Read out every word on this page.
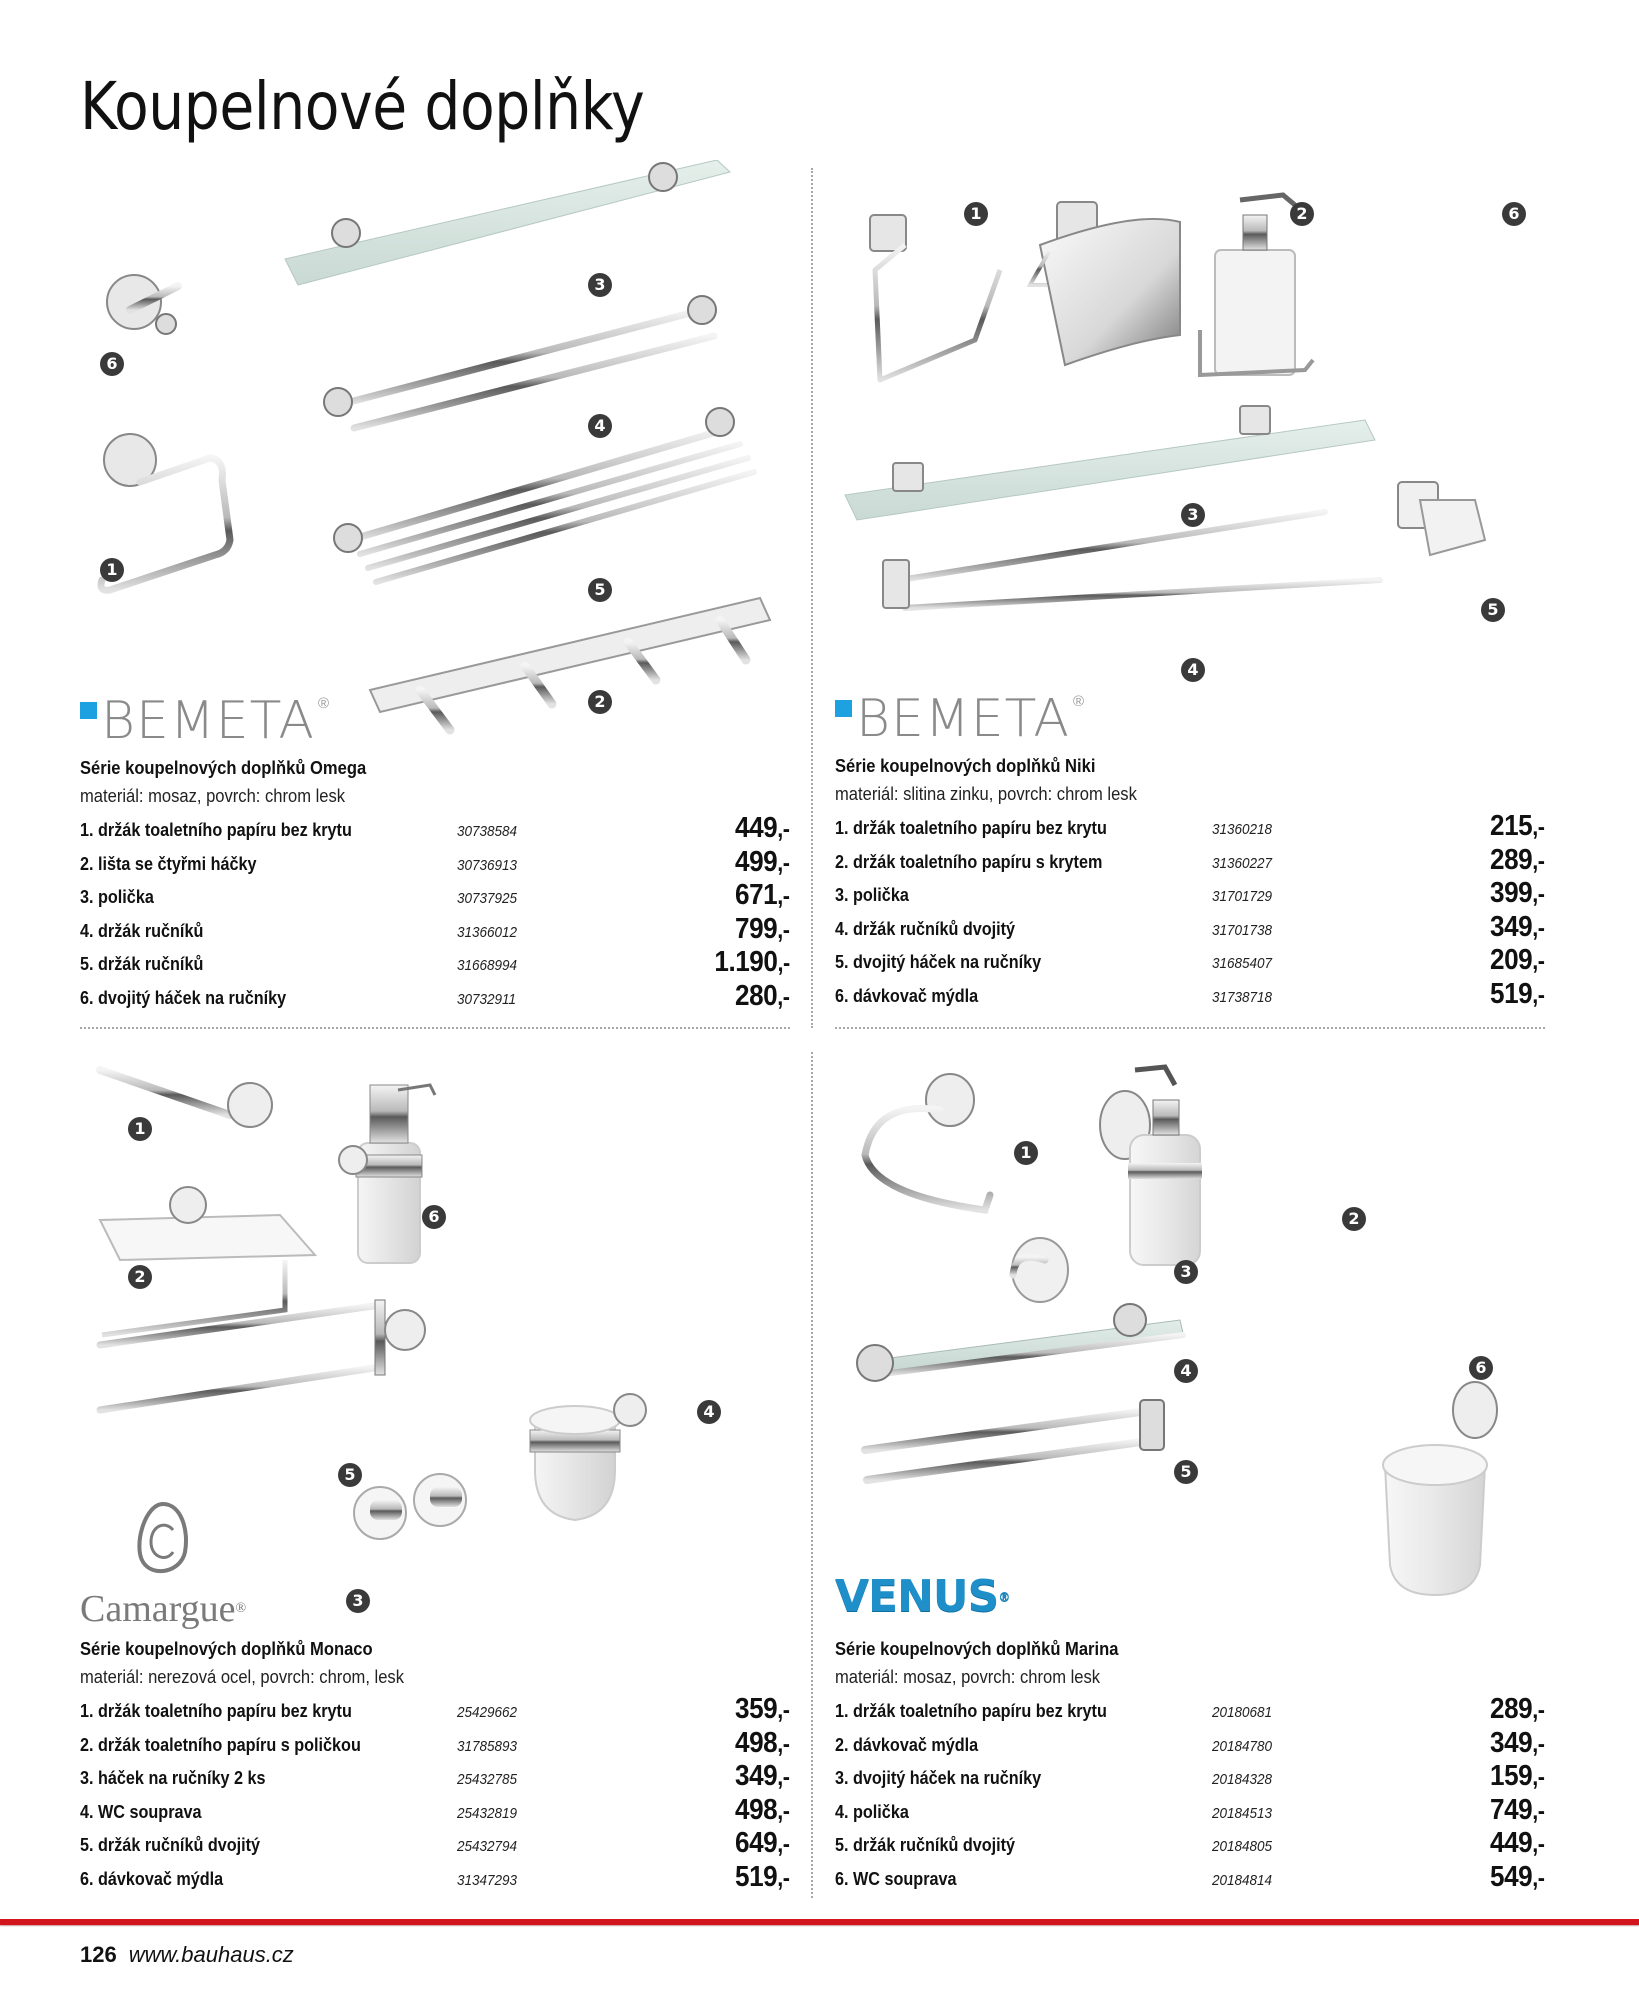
Koupelnové doplňky
6
3
4
1
5
2
BEMETA ®
Série koupelnových doplňků Omega
materiál: mosaz, povrch: chrom lesk
1. držák toaletního papíru bez krytu	30738584	449,-
2. lišta se čtyřmi háčky	30736913	499,-
3. polička	30737925	671,-
4. držák ručníků	31366012	799,-
5. držák ručníků	31668994	1.190,-
6. dvojitý háček na ručníky	30732911	280,-
1	2	6
3
5
4
BEMETA ®
Série koupelnových doplňků Niki
materiál: slitina zinku, povrch: chrom lesk
1. držák toaletního papíru bez krytu	31360218	215,-
2. držák toaletního papíru s krytem	31360227	289,-
3. polička	31701729	399,-
4. držák ručníků dvojitý	31701738	349,-
5. dvojitý háček na ručníky	31685407	209,-
6. dávkovač mýdla	31738718	519,-
1
6
2
4
5
3
Camargue®
Série koupelnových doplňků Monaco
materiál: nerezová ocel, povrch: chrom, lesk
1. držák toaletního papíru bez krytu	25429662	359,-
2. držák toaletního papíru s poličkou	31785893	498,-
3. háček na ručníky 2 ks	25432785	349,-
4. WC souprava	25432819	498,-
5. držák ručníků dvojitý	25432794	649,-
6. dávkovač mýdla	31347293	519,-
1
2
3
4	6
5
VENUS®
Série koupelnových doplňků Marina
materiál: mosaz, povrch: chrom lesk
1. držák toaletního papíru bez krytu	20180681	289,-
2. dávkovač mýdla	20184780	349,-
3. dvojitý háček na ručníky	20184328	159,-
4. polička	20184513	749,-
5. držák ručníků dvojitý	20184805	449,-
6. WC souprava	20184814	549,-
126 www.bauhaus.cz
